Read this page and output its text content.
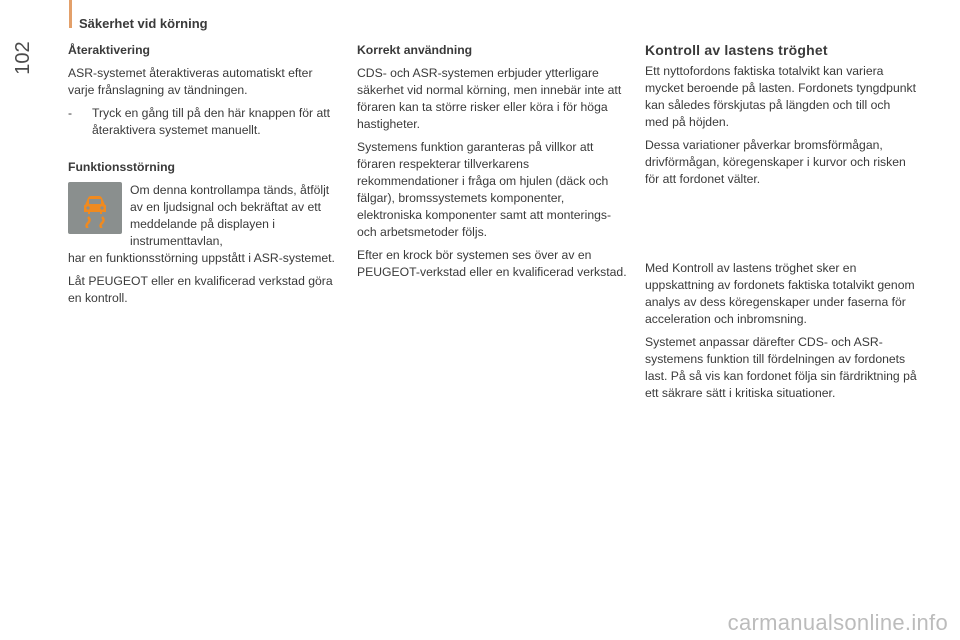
Säkerhet vid körning
102	Återaktivering

ASR-systemet återaktiveras automatiskt efter varje frånslagning av tändningen.

-	Tryck en gång till på den här knappen för att återaktivera systemet manuellt.
Funktionsstörning
Om denna kontrollampa tänds, åtföljt av en ljudsignal och bekräftat av ett meddelande på displayen i instrumenttavlan,

har en funktionsstörning uppstått i ASR-systemet.

Låt PEUGEOT eller en kvalificerad verkstad göra en kontroll.

Korrekt användning

CDS- och ASR-systemen erbjuder ytterligare säkerhet vid normal körning, men innebär inte att föraren kan ta större risker eller köra i för höga hastigheter.

Systemens funktion garanteras på villkor att föraren respekterar tillverkarens rekommendationer i fråga om hjulen (däck och fälgar), bromssystemets komponenter, elektroniska komponenter samt att monterings- och arbetsmetoder följs.

Efter en krock bör systemen ses över av en PEUGEOT-verkstad eller en kvalificerad verkstad.

Kontroll av lastens tröghet

Ett nyttofordons faktiska totalvikt kan variera mycket beroende på lasten. Fordonets tyngdpunkt kan således förskjutas på längden och till och med på höjden.

Dessa variationer påverkar bromsförmågan, drivförmågan, köregenskaper i kurvor och risken för att fordonet välter.

Med Kontroll av lastens tröghet sker en uppskattning av fordonets faktiska totalvikt genom analys av dess köregenskaper under faserna för acceleration och inbromsning.

Systemet anpassar därefter CDS- och ASR-systemens funktion till fördelningen av fordonets last. På så vis kan fordonet följa sin färdriktning på ett säkrare sätt i kritiska situationer.

carmanualsonline.info
